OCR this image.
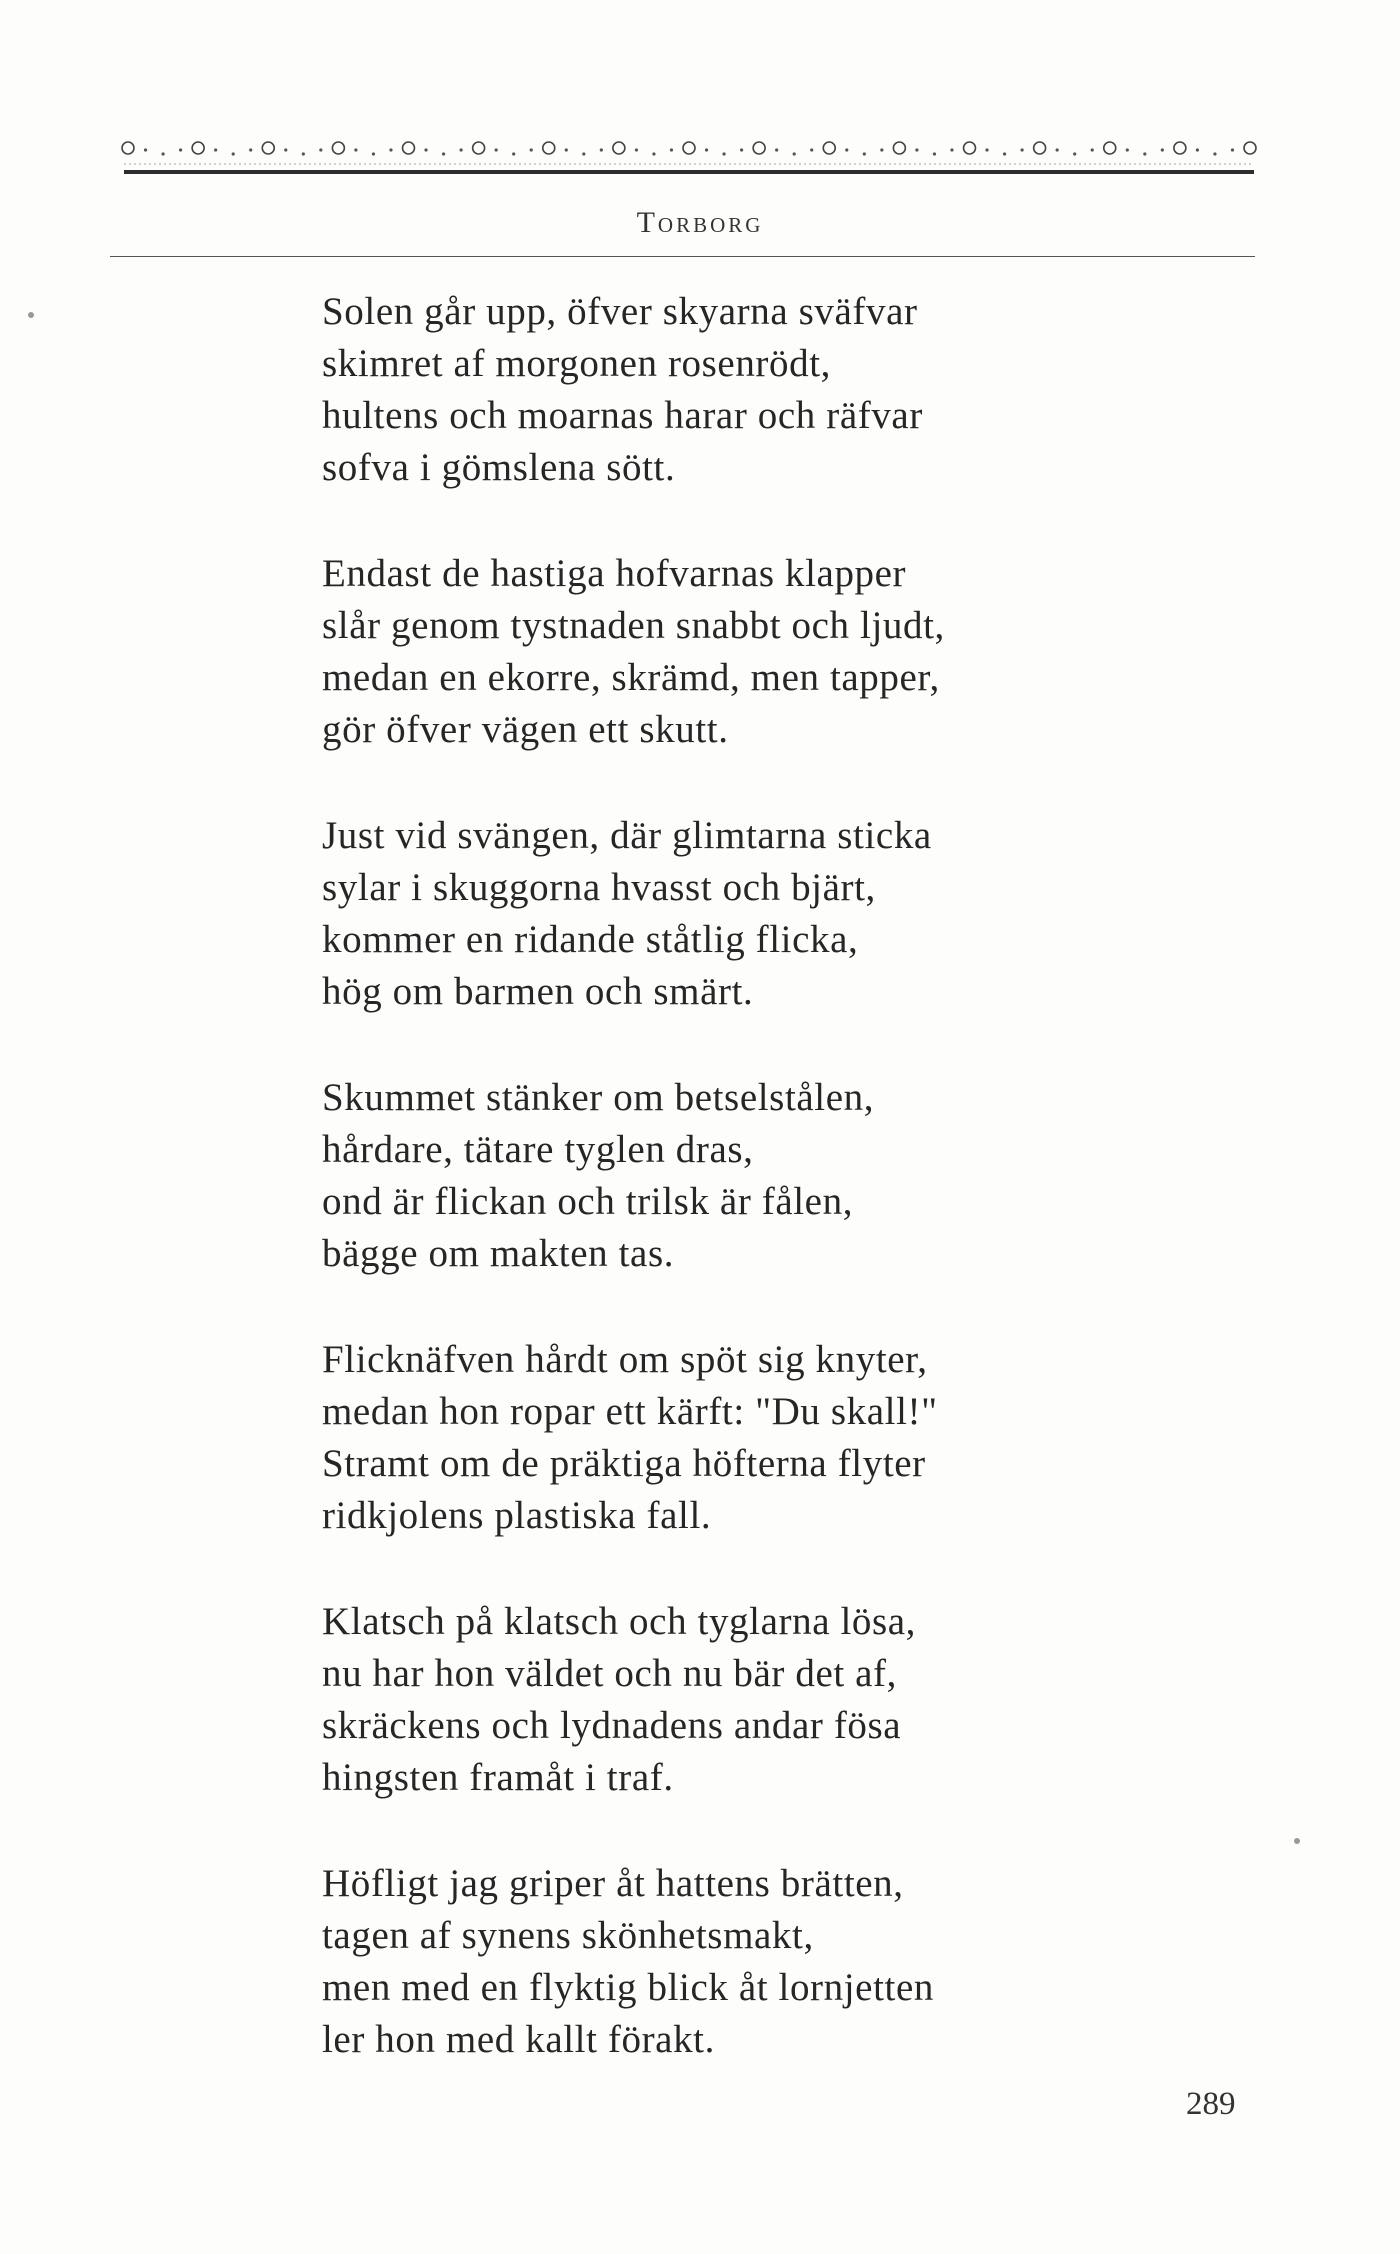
Torborg
Solen går upp, öfver skyarna sväfvar
skimret af morgonen rosenrödt,
hultens och moarnas harar och räfvar
sofva i gömslena sött.
Endast de hastiga hofvarnas klapper
slår genom tystnaden snabbt och ljudt,
medan en ekorre, skrämd, men tapper,
gör öfver vägen ett skutt.
Just vid svängen, där glimtarna sticka
sylar i skuggorna hvasst och bjärt,
kommer en ridande ståtlig flicka,
hög om barmen och smärt.
Skummet stänker om betselstålen,
hårdare, tätare tyglen dras,
ond är flickan och trilsk är fålen,
bägge om makten tas.
Flicknäfven hårdt om spöt sig knyter,
medan hon ropar ett kärft: "Du skall!"
Stramt om de präktiga höfterna flyter
ridkjolens plastiska fall.
Klatsch på klatsch och tyglarna lösa,
nu har hon väldet och nu bär det af,
skräckens och lydnadens andar fösa
hingsten framåt i traf.
Höfligt jag griper åt hattens brätten,
tagen af synens skönhetsmakt,
men med en flyktig blick åt lornjetten
ler hon med kallt förakt.
289
